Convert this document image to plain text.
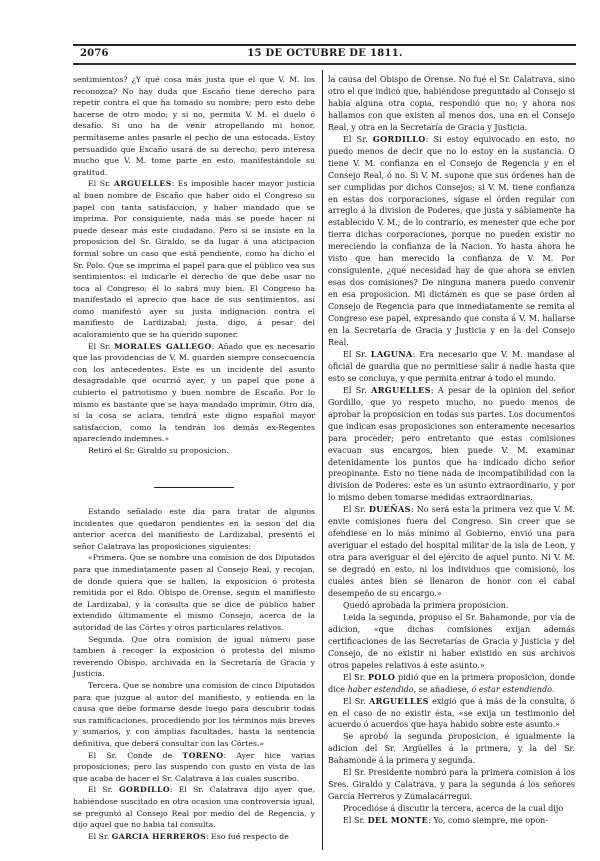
2076	15 DE OCTUBRE DE 1811.

sentimientos? ¿Y qué cosa más justa que el que V. M. los reconozca? No hay duda que Escaño tiene derecho para repetir contra el que ha tomado su nombre; pero esto debe hacerse de otro modo; y si no, permita V. M. el duelo ó desafío. Si uno ha de venir atropellando mi honor, permítaseme antes pasarle el pecho de una estocada. Estoy persuadido que Escaño usará de su derecho; pero interesa mucho que V. M. tome parte en esto, manifestándole su gratitud.

El Sr. ARGUELLES: Es imposible hacer mayor justicia al buen nombre de Escaño que haber oido el Congreso su papel con tanta satisfaccion, y haber mandado que se imprima. Por consiguiente, nada más se puede hacer ni puede desear más este ciudadano. Pero si se insiste en la proposicion del Sr. Giraldo, se da lugar á una aticipacion formal sobre un caso que está pendiente, como ha dicho el Sr. Polo. Que se imprima el papel para que el público vea sus sentimientos: el indicarle el derecho de que debe usar no toca al Congreso; él lo sabrá muy bien. El Congreso ha manifestado el aprecio que hace de sus sentimientos, así como manifestó ayer su justa indignacion contra el manifiesto de Lardizabal; justa, digo, á pesar del acaloramiento que se ha querido suponer.

El Sr. MORALES GALLEGO: Añado que es necesario que las providencias de V. M. guarden siempre consecuencia con los antecedentes. Este es un incidente del asunto desagradable que ocurrió ayer, y un papel que pone á cubierto el patriotismo y buen nombre de Escaño. Por lo mismo es bastante que se haya mandado imprimir. Otro dia, si la cosa se aclara, tendrá este digno español mayor satisfaccion, como la tendrán los demás ex-Regentes apareciendo indemnes.»

Retiró el Sr. Giraldo su proposicion.

Estando señalado este dia para tratar de algunos incidentes que quedaron pendientes en la sesion del dia anterior acerca del manifiesto de Lardizabal, presentó el señor Calatrava las proposiciones siguientes:

«Primera. Que se nombre una comision de dos Diputados para que inmediatamente pasen al Consejo Real, y recojan, de donde quiera que se hallen, la exposicion ó protesta remitida por el Rdo. Obispo de Orense, segun el manifiesto de Lardizabal, y la consulta que se dice de público haber extendido últimamente el mismo Consejo, acerca de la autoridad de las Córtes y otros particulares relativos.

Segunda. Que otra comision de igual número pase tambien á recoger la exposicion ó protesta del mismo reverendo Obispo, archivada en la Secretaría de Gracia y Justicia.

Tercera. Que se nombre una comision de cinco Diputados para que juzgue al autor del manifiesto, y entienda en la causa que debe formarse desde luego para descubrir todas sus ramificaciones, procediendo por los términos más breves y sumarios, y con ámplias facultades, hasta la sentencia definitiva, que deberá consultar con las Córtes.»

El Sr. Conde de TORENO: Ayer hice varias proposiciones; pero las suspendo con gusto en vista de las que acaba de hacer el Sr. Calatrava á las cuales suscribo.

El Sr. GORDILLO: El Sr. Calatrava dijo ayer que, habiéndose suscitado en otra ocasion una controversia igual, se preguntó al Consejo Real por medio del de Regencia, y dijo aquel que no habia tal consulta.

El Sr. GARCIA HERREROS: Eso fué respecto de

la causa del Obispo de Orense. No fué el Sr. Calatrava, sino otro el que indicó que, habiéndose preguntado al Consejo si habia alguna otra copia, respondió que no; y ahora nos hallamos con que existen al menos dos, una en el Consejo Real, y otra en la Secretaría de Gracia y Justicia.

El Sr. GORDILLO: Si estoy equivocado en esto, no puedo menos de decir que no lo estoy en la sustancia. O tiene V. M. confianza en el Consejo de Regencia y en el Consejo Real, ó no. Si V. M. supone que sus órdenes han de ser cumplidas por dichos Consejos; si V. M. tiene confianza en estas dos corporaciones, sígase el órden regular con arreglo á la division de Poderes, que justa y sábiamente ha establecido V. M.; de lo contrario, es menester que eche por tierra dichas corporaciones, porque no pueden existir no mereciendo la confianza de la Nacion. Yo hasta ahora he visto que han merecido la confianza de V. M. Por consiguiente, ¿qué necesidad hay de que ahora se envien esas dos comisiones? De ninguna manera puedo convenir en esa proposicion. Mi dictámen es que se pase órden al Consejo de Regencia para que inmediatamente se remita al Congreso ese papel, expresando que consta á V. M. hallarse en la Secretaría de Gracia y Justicia y en la del Consejo Real.

El Sr. LAGUNA: Era necesario que V. M. mandase al oficial de guardia que no permitiese salir á nadie hasta que esto se concluya, y que permita entrar á todo el mundo.

El Sr. ARGUELLES: A pesar de la opinion del señor Gordillo, que yo respeto mucho, no puedo menos de aprobar la proposicion en todas sus partes. Los documentos que indican esas proposiciones son enteramente necesarios para proceder; pero entretanto que estas comisiones evacuan sus encargos, bien puede V. M. examinar detenidamente los puntos que ha indicado dicho señor preopinante. Esto no tiene nada de incompatibilidad con la division de Poderes: este es un asunto extraordinario, y por lo mismo deben tomarse medidas extraordinarias.

El Sr. DUEÑAS: No será esta la primera vez que V. M. envie comisiones fuera del Congreso. Sin creer que se ofendiese en lo más mínimo al Gobierno, envió una para averiguar el estado del hospital militar de la isla de Leon, y otra para averiguar el del ejército de aquel punto. Ni V. M. se degradó en esto, ni los individuos que comisionó, los cuales antes bien se llenaron de honor con el cabal desempeño de su encargo.»

Quedó aprobada la primera proposicion.

Leida la segunda, propuso el Sr. Bahamonde, por vía de adicion, «que dichas comisiones exijan además certificaciones de las Secretarías de Gracia y Justicia y del Consejo, de no existir ni haber existido en sus archivos otros papeles relativos á este asunto.»

El Sr. POLO pidió que en la primera proposicion, donde dice haber estendido, se añadiese, ó estar estendiendo.

El Sr. ARGUELLES exigió que á más de la consulta, ó en el caso de no existir ésta, «se exija un testimonio del acuerdo ó acuerdos que haya habido sobre este asunto.»

Se aprobó la segunda proposicion, é igualmente la adicion del Sr. Argüelles á la primera, y la del Sr. Bahamonde á la primera y segunda.

El Sr. Presidente nombró para la primera comision á los Sres. Giraldo y Calatrava, y para la segunda á los señores García Herreros y Zumalacárregui.

Procedióse á discutir la tercera, acerca de la cual dijo

El Sr. DEL MONTE: Yo, como siempre, me opon-
